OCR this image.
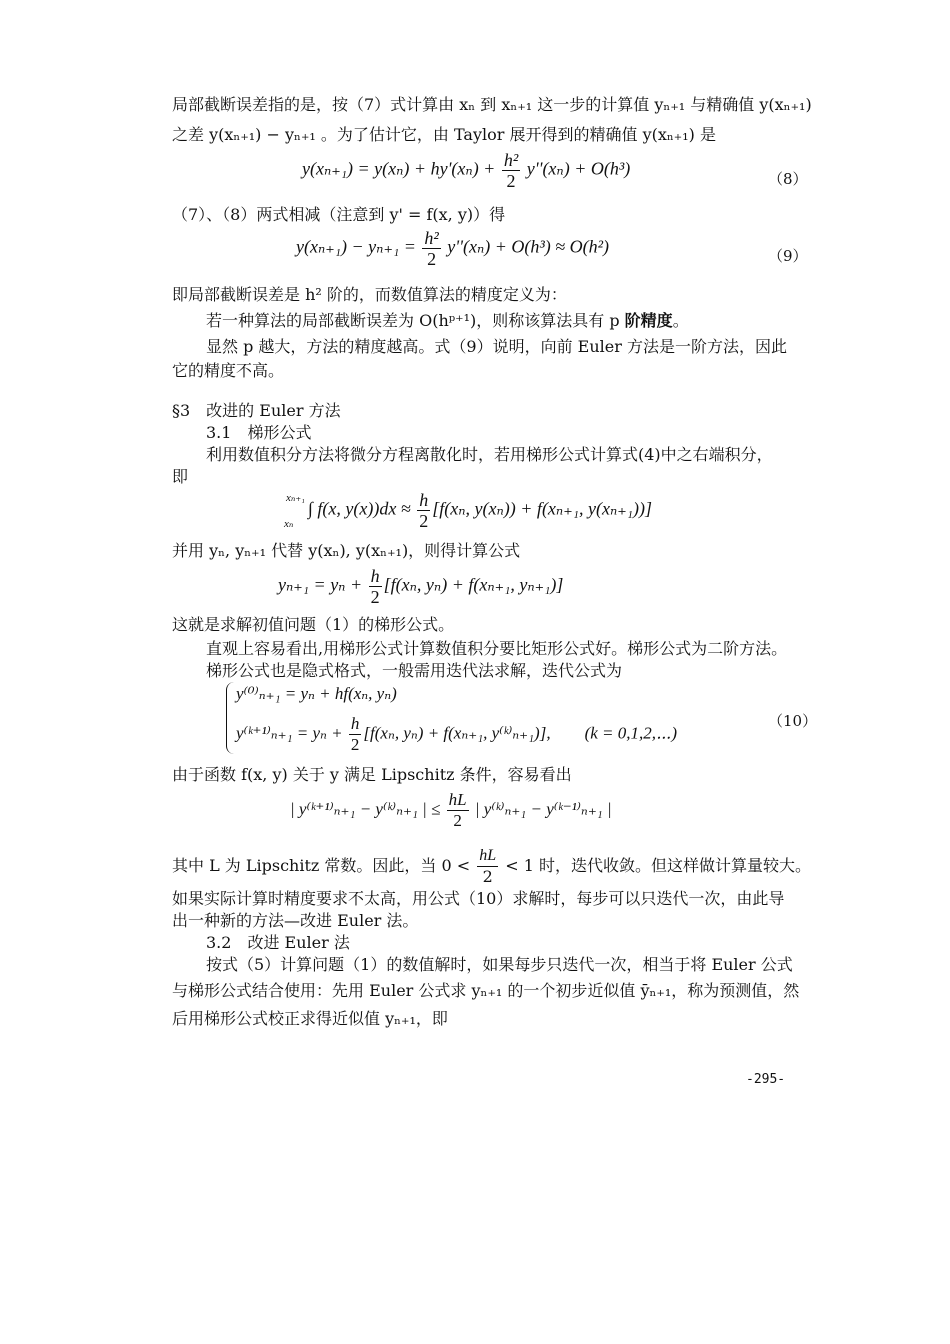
局部截断误差指的是，按（7）式计算由 xₙ 到 xₙ₊₁ 这一步的计算值 yₙ₊₁ 与精确值 y(xₙ₊₁)
之差 y(xₙ₊₁) − yₙ₊₁ 。为了估计它，由 Taylor 展开得到的精确值 y(xₙ₊₁) 是
$y(x_{n+1}) = y(x_n) + hy'(x_n) + \frac{\text{h²}}{2} y''(x_n) + O(h^3)$
（8）
（7）、（8）两式相减（注意到 y' = f(x, y)）得
$y(x_{n+1}) - y_{n+1} = \frac{\text{h²}}{2} y''(x_n) + O(h^3) \approx O(h^2)$	（9）
即局部截断误差是 h² 阶的，而数值算法的精度定义为：
若一种算法的局部截断误差为 O(hᵖ⁺¹)，则称该算法具有 p 阶精度。
显然 p 越大，方法的精度越高。式（9）说明，向前 Euler 方法是一阶方法，因此
它的精度不高。
§3　改进的 Euler 方法
3.1　梯形公式
利用数值积分方法将微分方程离散化时，若用梯形公式计算式(4)中之右端积分，
即
xₙ₊₁
xₙ
∫ f(x, $y(x))dx \approx \frac{h}{2} [f(x_n$, y(xₙ)) + f(xₙ₊₁, y(xₙ₊₁))]
并用 yₙ, yₙ₊₁ 代替 y(xₙ), y(xₙ₊₁)，则得计算公式
$y_{n+1} = y_n + \frac{h}{2} [f(x_n$, yₙ) + f(xₙ₊₁, yₙ₊₁)]
这就是求解初值问题（1）的梯形公式。
直观上容易看出,用梯形公式计算数值积分要比矩形公式好。梯形公式为二阶方法。
梯形公式也是隐式格式，一般需用迭代法求解，迭代公式为
y⁽⁰⁾ₙ₊₁ = yₙ + hf(xₙ, yₙ)
y⁽ᵏ⁺¹⁾ₙ₊₁ = $y_n + \frac{h}{2} [f(x_n$, yₙ) + f(xₙ₊₁, y⁽ᵏ⁾ₙ₊₁)],　　(k = 0,1,2,⋯)
（10）
由于函数 f(x, y) 关于 y 满足 Lipschitz 条件，容易看出
| y⁽ᵏ⁺¹⁾ₙ₊₁ − y⁽ᵏ⁾ₙ₊₁ | ≤ $\frac{hL}{2}$ | y⁽ᵏ⁾ₙ₊₁ − y⁽ᵏ⁻¹⁾ₙ₊₁ |
其中 L 为 Lipschitz 常数。因此，当 $0 < \frac{hL}{2} < 1$ 时，迭代收敛。但这样做计算量较大。
如果实际计算时精度要求不太高，用公式（10）求解时，每步可以只迭代一次，由此导
出一种新的方法—改进 Euler 法。
3.2　改进 Euler 法
按式（5）计算问题（1）的数值解时，如果每步只迭代一次，相当于将 Euler 公式
与梯形公式结合使用：先用 Euler 公式求 yₙ₊₁ 的一个初步近似值 ȳₙ₊₁，称为预测值，然
后用梯形公式校正求得近似值 yₙ₊₁，即
-295-
